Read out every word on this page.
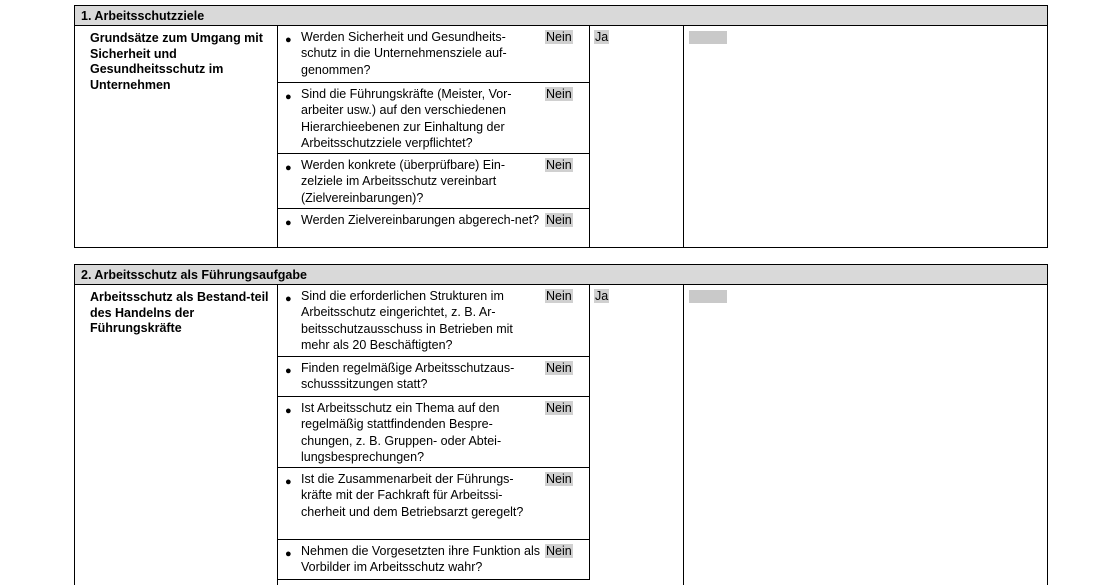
1. Arbeitsschutzziele
Grundsätze zum Umgang mit Sicherheit und Gesundheitsschutz im Unternehmen
● Werden Sicherheit und Gesundheits-schutz in die Unternehmensziele auf-genommen?
Nein
● Sind die Führungskräfte (Meister, Vor-arbeiter usw.) auf den verschiedenen Hierarchieebenen zur Einhaltung der Arbeitsschutzziele verpflichtet?
Nein
● Werden konkrete (überprüfbare) Ein-zelziele im Arbeitsschutz vereinbart (Zielvereinbarungen)?
Nein
● Werden Zielvereinbarungen abgerech-net? Nein
Ja
2. Arbeitsschutz als Führungsaufgabe
Arbeitsschutz als Bestand-teil des Handelns der Führungskräfte
● Sind die erforderlichen Strukturen im Arbeitsschutz eingerichtet, z. B. Ar-beitsschutzausschuss in Betrieben mit mehr als 20 Beschäftigten?
Nein
● Finden regelmäßige Arbeitsschutzaus-schusssitzungen statt?
Nein
● Ist Arbeitsschutz ein Thema auf den regelmäßig stattfindenden Bespre-chungen, z. B. Gruppen- oder Abtei-lungsbesprechungen?
Nein
● Ist die Zusammenarbeit der Führungs-kräfte mit der Fachkraft für Arbeitssi-cherheit und dem Betriebsarzt geregelt?
Nein
● Nehmen die Vorgesetzten ihre Funktion als Vorbilder im Arbeitsschutz wahr?
Nein
Ja
